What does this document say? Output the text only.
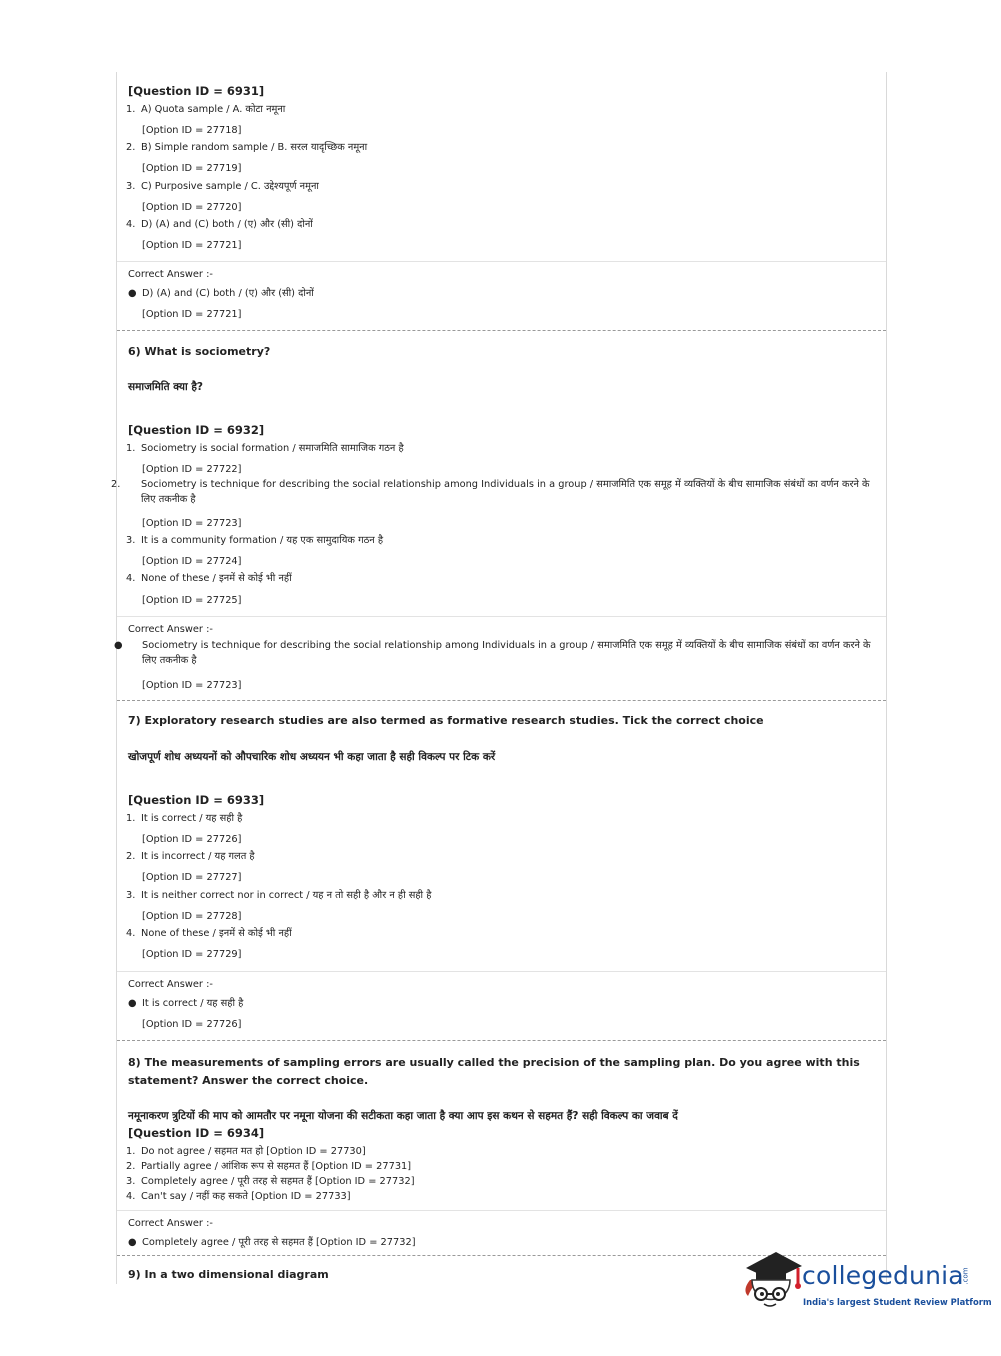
[Question ID = 6931]
1. A) Quota sample / A. कोटा नमूना
[Option ID = 27718]
2. B) Simple random sample / B. सरल यादृच्छिक नमूना
[Option ID = 27719]
3. C) Purposive sample / C. उद्देश्यपूर्ण नमूना
[Option ID = 27720]
4. D) (A) and (C) both / (ए) और (सी) दोनों
[Option ID = 27721]
Correct Answer :-
● D) (A) and (C) both / (ए) और (सी) दोनों
[Option ID = 27721]
6) What is sociometry?
समाजमिति क्या है?
[Question ID = 6932]
1. Sociometry is social formation / समाजमिति सामाजिक गठन है
[Option ID = 27722]
2. Sociometry is technique for describing the social relationship among Individuals in a group / समाजमिति एक समूह में व्यक्तियों के बीच सामाजिक संबंधों का वर्णन करने के लिए तकनीक है
[Option ID = 27723]
3. It is a community formation / यह एक सामुदायिक गठन है
[Option ID = 27724]
4. None of these / इनमें से कोई भी नहीं
[Option ID = 27725]
Correct Answer :-
● Sociometry is technique for describing the social relationship among Individuals in a group / समाजमिति एक समूह में व्यक्तियों के बीच सामाजिक संबंधों का वर्णन करने के लिए तकनीक है
[Option ID = 27723]
7) Exploratory research studies are also termed as formative research studies. Tick the correct choice
खोजपूर्ण शोध अध्ययनों को औपचारिक शोध अध्ययन भी कहा जाता है सही विकल्प पर टिक करें
[Question ID = 6933]
1. It is correct / यह सही है
[Option ID = 27726]
2. It is incorrect / यह गलत है
[Option ID = 27727]
3. It is neither correct nor in correct / यह न तो सही है और न ही सही है
[Option ID = 27728]
4. None of these / इनमें से कोई भी नहीं
[Option ID = 27729]
Correct Answer :-
● It is correct / यह सही है
[Option ID = 27726]
8) The measurements of sampling errors are usually called the precision of the sampling plan. Do you agree with this statement? Answer the correct choice.
नमूनाकरण त्रुटियों की माप को आमतौर पर नमूना योजना की सटीकता कहा जाता है क्या आप इस कथन से सहमत हैं? सही विकल्प का जवाब दें
[Question ID = 6934]
1. Do not agree / सहमत मत हो [Option ID = 27730]
2. Partially agree / आंशिक रूप से सहमत हैं [Option ID = 27731]
3. Completely agree / पूरी तरह से सहमत हैं [Option ID = 27732]
4. Can't say / नहीं कह सकते [Option ID = 27733]
Correct Answer :-
● Completely agree / पूरी तरह से सहमत हैं [Option ID = 27732]
9) In a two dimensional diagram	collegedunia
.com
India's largest Student Review Platform
